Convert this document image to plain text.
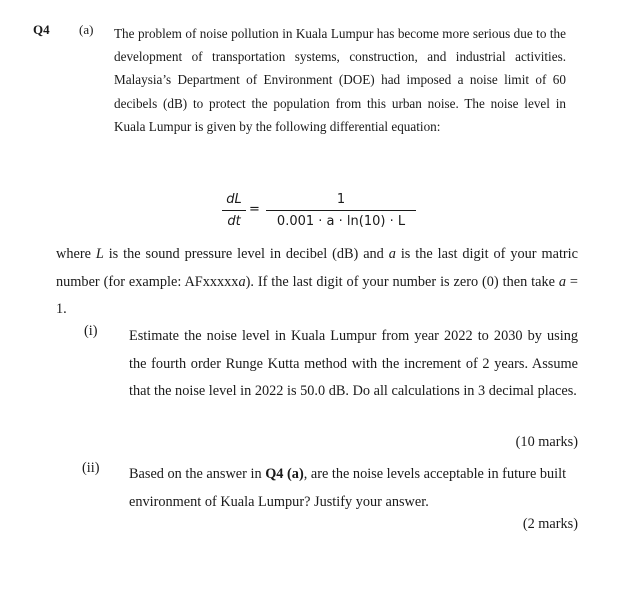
Q4 (a) The problem of noise pollution in Kuala Lumpur has become more serious due to the development of transportation systems, construction, and industrial activities. Malaysia’s Department of Environment (DOE) had imposed a noise limit of 60 decibels (dB) to protect the population from this urban noise. The noise level in Kuala Lumpur is given by the following differential equation:

dL
dt
=
1
0.001 · a · ln(10) · L

where L is the sound pressure level in decibel (dB) and a is the last digit of your matric number (for example: AFxxxxxa). If the last digit of your number is zero (0) then take a = 1.

(i) Estimate the noise level in Kuala Lumpur from year 2022 to 2030 by using the fourth order Runge Kutta method with the increment of 2 years. Assume that the noise level in 2022 is 50.0 dB. Do all calculations in 3 decimal places.

(10 marks)
(ii) Based on the answer in Q4 (a), are the noise levels acceptable in future built environment of Kuala Lumpur? Justify your answer.

(2 marks)
